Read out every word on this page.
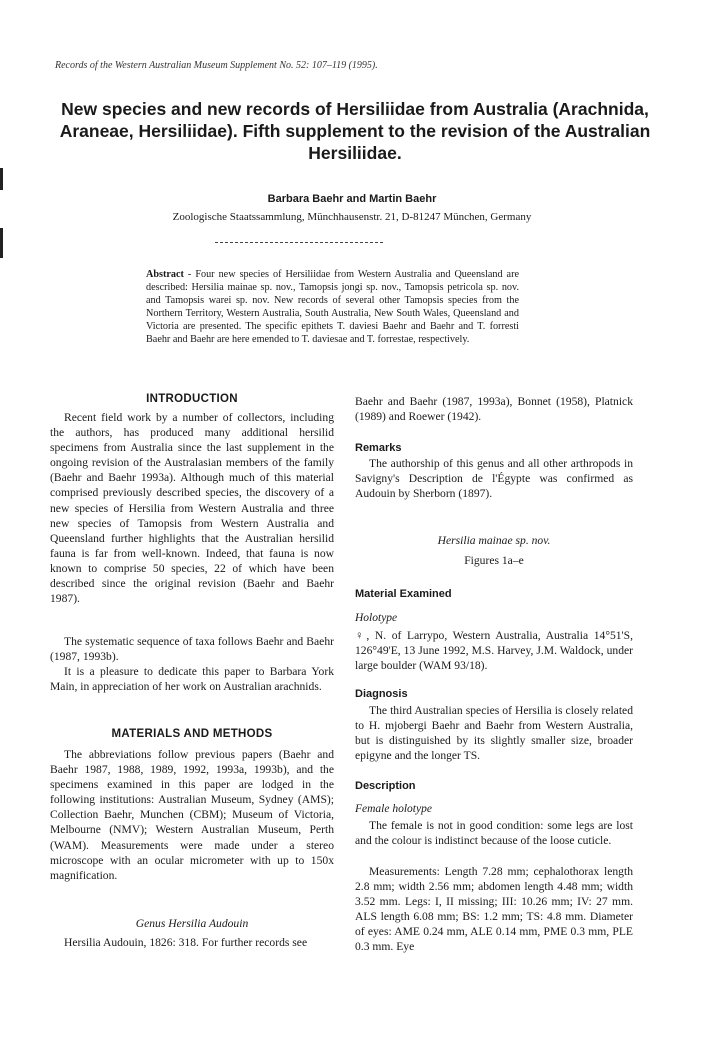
Records of the Western Australian Museum Supplement No. 52: 107–119 (1995).
New species and new records of Hersiliidae from Australia (Arachnida, Araneae, Hersiliidae). Fifth supplement to the revision of the Australian Hersiliidae.
Barbara Baehr and Martin Baehr
Zoologische Staatssammlung, Münchhausenstr. 21, D-81247 München, Germany
Abstract - Four new species of Hersiliidae from Western Australia and Queensland are described: Hersilia mainae sp. nov., Tamopsis jongi sp. nov., Tamopsis petricola sp. nov. and Tamopsis warei sp. nov. New records of several other Tamopsis species from the Northern Territory, Western Australia, South Australia, New South Wales, Queensland and Victoria are presented. The specific epithets T. daviesi Baehr and Baehr and T. forresti Baehr and Baehr are here emended to T. daviesae and T. forrestae, respectively.
INTRODUCTION
Recent field work by a number of collectors, including the authors, has produced many additional hersilid specimens from Australia since the last supplement in the ongoing revision of the Australasian members of the family (Baehr and Baehr 1993a). Although much of this material comprised previously described species, the discovery of a new species of Hersilia from Western Australia and three new species of Tamopsis from Western Australia and Queensland further highlights that the Australian hersilid fauna is far from well-known. Indeed, that fauna is now known to comprise 50 species, 22 of which have been described since the original revision (Baehr and Baehr 1987).
The systematic sequence of taxa follows Baehr and Baehr (1987, 1993b).
It is a pleasure to dedicate this paper to Barbara York Main, in appreciation of her work on Australian arachnids.
MATERIALS AND METHODS
The abbreviations follow previous papers (Baehr and Baehr 1987, 1988, 1989, 1992, 1993a, 1993b), and the specimens examined in this paper are lodged in the following institutions: Australian Museum, Sydney (AMS); Collection Baehr, Munchen (CBM); Museum of Victoria, Melbourne (NMV); Western Australian Museum, Perth (WAM). Measurements were made under a stereo microscope with an ocular micrometer with up to 150x magnification.
Genus Hersilia Audouin
Hersilia Audouin, 1826: 318. For further records see
Baehr and Baehr (1987, 1993a), Bonnet (1958), Platnick (1989) and Roewer (1942).
Remarks
The authorship of this genus and all other arthropods in Savigny's Description de l'Égypte was confirmed as Audouin by Sherborn (1897).
Hersilia mainae sp. nov.
Figures 1a–e
Material Examined
Holotype
♀, N. of Larrypo, Western Australia, Australia 14°51'S, 126°49'E, 13 June 1992, M.S. Harvey, J.M. Waldock, under large boulder (WAM 93/18).
Diagnosis
The third Australian species of Hersilia is closely related to H. mjobergi Baehr and Baehr from Western Australia, but is distinguished by its slightly smaller size, broader epigyne and the longer TS.
Description
Female holotype
The female is not in good condition: some legs are lost and the colour is indistinct because of the loose cuticle.
Measurements: Length 7.28 mm; cephalothorax length 2.8 mm; width 2.56 mm; abdomen length 4.48 mm; width 3.52 mm. Legs: I, II missing; III: 10.26 mm; IV: 27 mm. ALS length 6.08 mm; BS: 1.2 mm; TS: 4.8 mm. Diameter of eyes: AME 0.24 mm, ALE 0.14 mm, PME 0.3 mm, PLE 0.3 mm. Eye
